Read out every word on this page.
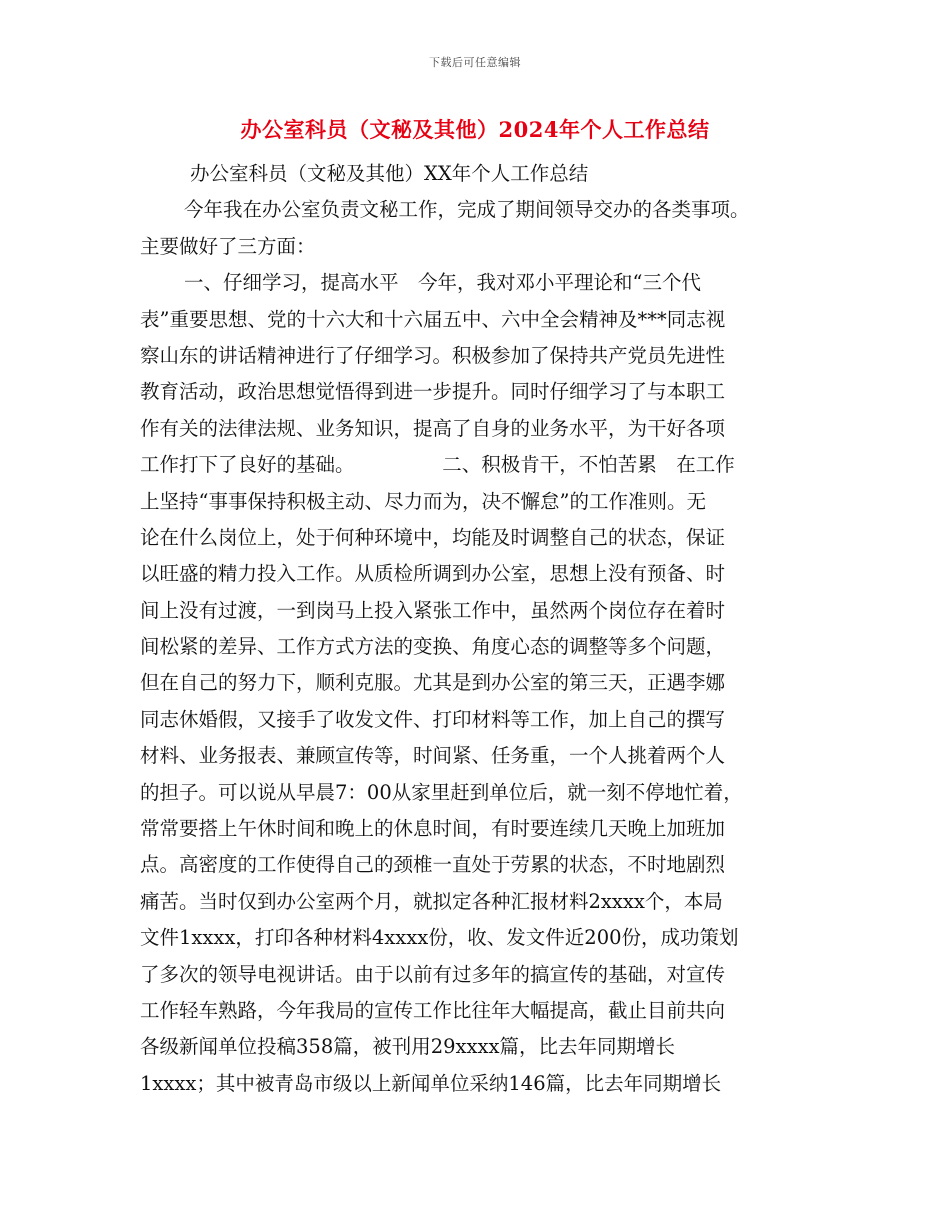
下载后可任意编辑
办公室科员（文秘及其他）2024年个人工作总结
办公室科员（文秘及其他）XX年个人工作总结
今年我在办公室负责文秘工作，完成了期间领导交办的各类事项。
主要做好了三方面：
一、仔细学习，提高水平　今年，我对邓小平理论和“三个代
表”重要思想、党的十六大和十六届五中、六中全会精神及***同志视
察山东的讲话精神进行了仔细学习。积极参加了保持共产党员先进性
教育活动，政治思想觉悟得到进一步提升。同时仔细学习了与本职工
作有关的法律法规、业务知识，提高了自身的业务水平，为干好各项
工作打下了良好的基础。　　　　　二、积极肯干，不怕苦累　在工作
上坚持“事事保持积极主动、尽力而为，决不懈怠”的工作准则。无
论在什么岗位上，处于何种环境中，均能及时调整自己的状态，保证
以旺盛的精力投入工作。从质检所调到办公室，思想上没有预备、时
间上没有过渡，一到岗马上投入紧张工作中，虽然两个岗位存在着时
间松紧的差异、工作方式方法的变换、角度心态的调整等多个问题，
但在自己的努力下，顺利克服。尤其是到办公室的第三天，正遇李娜
同志休婚假，又接手了收发文件、打印材料等工作，加上自己的撰写
材料、业务报表、兼顾宣传等，时间紧、任务重，一个人挑着两个人
的担子。可以说从早晨7：00从家里赶到单位后，就一刻不停地忙着，
常常要搭上午休时间和晚上的休息时间，有时要连续几天晚上加班加
点。高密度的工作使得自己的颈椎一直处于劳累的状态，不时地剧烈
痛苦。当时仅到办公室两个月，就拟定各种汇报材料2xxxx个，本局
文件1xxxx，打印各种材料4xxxx份，收、发文件近200份，成功策划
了多次的领导电视讲话。由于以前有过多年的搞宣传的基础，对宣传
工作轻车熟路，今年我局的宣传工作比往年大幅提高，截止目前共向
各级新闻单位投稿358篇，被刊用29xxxx篇，比去年同期增长
1xxxx；其中被青岛市级以上新闻单位采纳146篇，比去年同期增长
